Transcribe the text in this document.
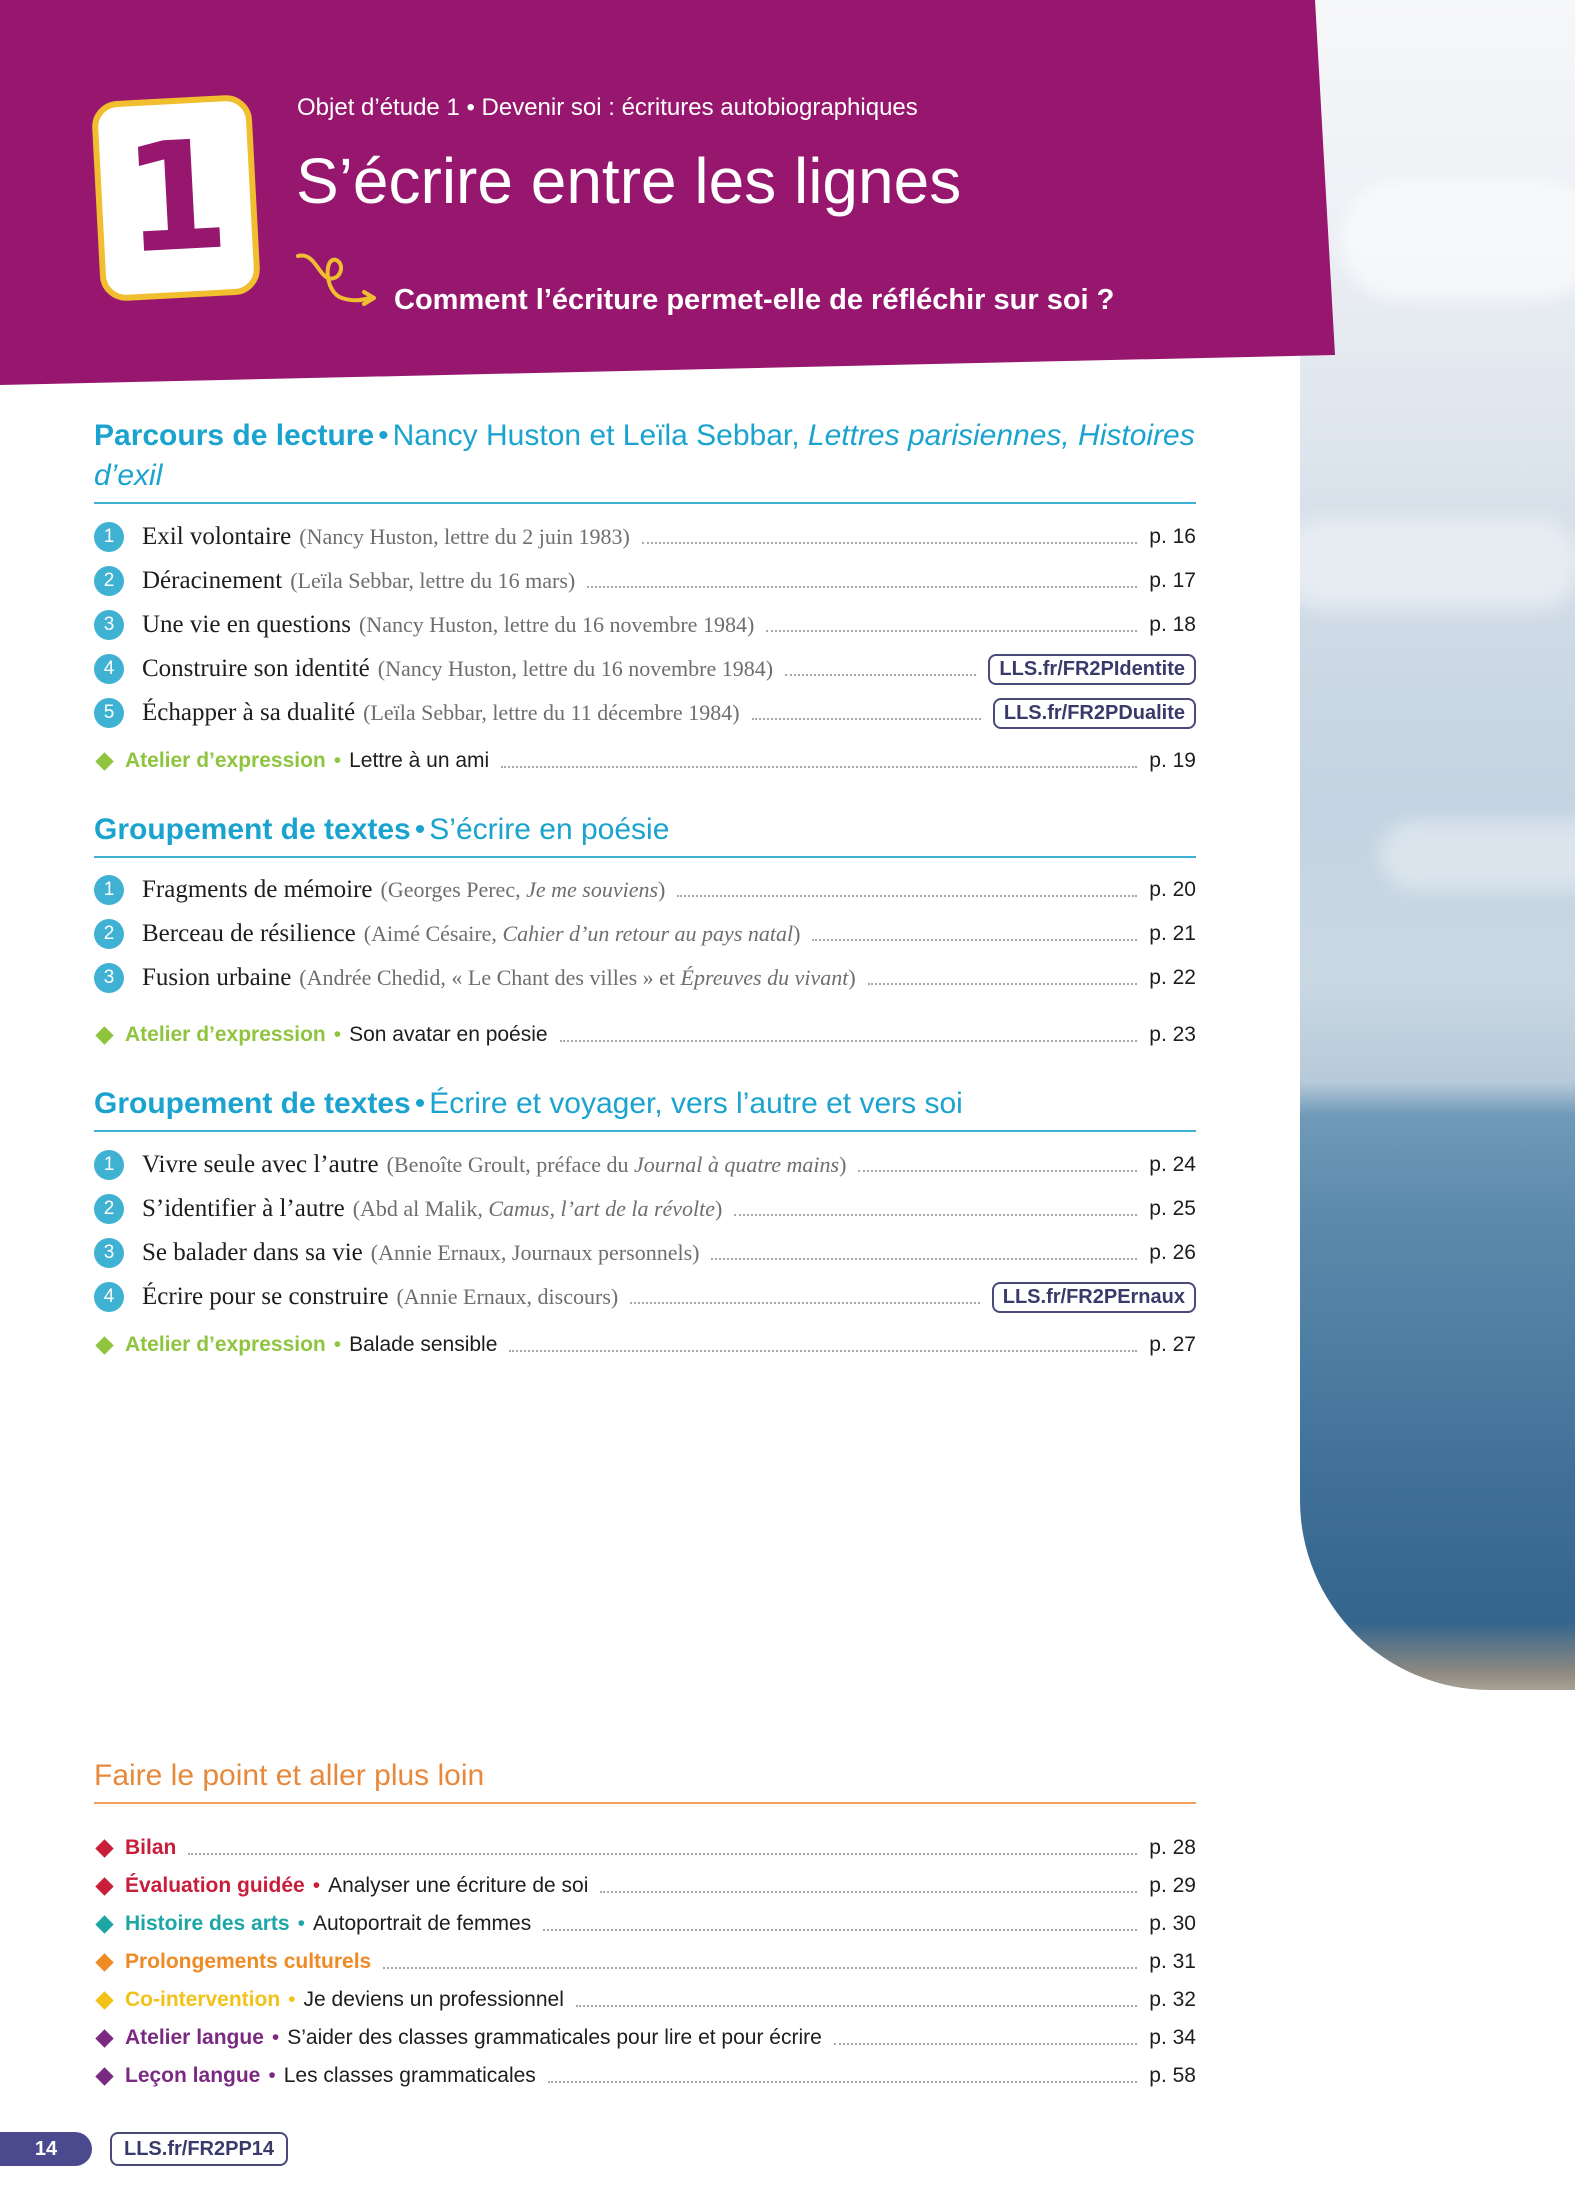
1
Objet d’étude 1 • Devenir soi : écritures autobiographiques
S’écrire entre les lignes
Comment l’écriture permet-elle de réfléchir sur soi ?
Parcours de lecture • Nancy Huston et Leïla Sebbar, Lettres parisiennes, Histoires d’exil
1	Exil volontaire (Nancy Huston, lettre du 2 juin 1983)	p. 16
2	Déracinement (Leïla Sebbar, lettre du 16 mars)	p. 17
3	Une vie en questions (Nancy Huston, lettre du 16 novembre 1984)	p. 18
4	Construire son identité (Nancy Huston, lettre du 16 novembre 1984)	LLS.fr/FR2PIdentite
5	Échapper à sa dualité (Leïla Sebbar, lettre du 11 décembre 1984)	LLS.fr/FR2PDualite
Atelier d’expression • Lettre à un ami	p. 19
Groupement de textes • S’écrire en poésie
1	Fragments de mémoire (Georges Perec, Je me souviens)	p. 20
2	Berceau de résilience (Aimé Césaire, Cahier d’un retour au pays natal)	p. 21
3	Fusion urbaine (Andrée Chedid, « Le Chant des villes » et Épreuves du vivant)	p. 22
Atelier d’expression • Son avatar en poésie	p. 23
Groupement de textes • Écrire et voyager, vers l’autre et vers soi
1	Vivre seule avec l’autre (Benoîte Groult, préface du Journal à quatre mains)	p. 24
2	S’identifier à l’autre (Abd al Malik, Camus, l’art de la révolte)	p. 25
3	Se balader dans sa vie (Annie Ernaux, Journaux personnels)	p. 26
4	Écrire pour se construire (Annie Ernaux, discours)	LLS.fr/FR2PErnaux
Atelier d’expression • Balade sensible	p. 27
Faire le point et aller plus loin
Bilan	p. 28
Évaluation guidée • Analyser une écriture de soi	p. 29
Histoire des arts • Autoportrait de femmes	p. 30
Prolongements culturels	p. 31
Co-intervention • Je deviens un professionnel	p. 32
Atelier langue • S’aider des classes grammaticales pour lire et pour écrire	p. 34
Leçon langue • Les classes grammaticales	p. 58
14	LLS.fr/FR2PP14
